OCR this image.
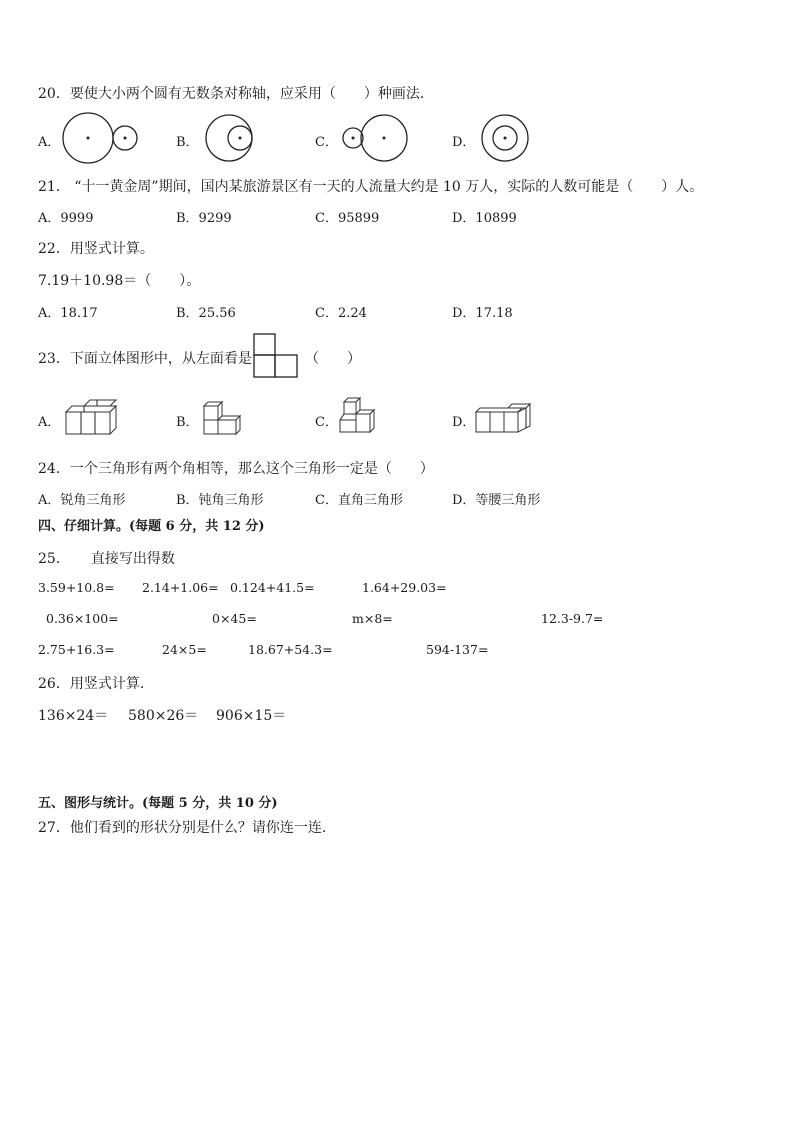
20．要使大小两个圆有无数条对称轴，应采用（　　）种画法．
A．	B．	C．	D．
21． “十一黄金周”期间，国内某旅游景区有一天的人流量大约是 10 万人，实际的人数可能是（　　）人。
A．9999	B．9299	C．95899	D．10899
22．用竖式计算。
7.19＋10.98＝（　　）。
A．18.17	B．25.56	C．2.24	D．17.18
23．下面立体图形中，从左面看是	（　　）
A．	B．	C．	D．
24．一个三角形有两个角相等，那么这个三角形一定是（　　）
A．锐角三角形	B．钝角三角形	C．直角三角形	D．等腰三角形
四、仔细计算。(每题 6 分，共 12 分)
25．　　直接写出得数
3.59+10.8= 2.14+1.06= 0.124+41.5=	1.64+29.03=
0.36×100=	0×45=	m×8=	12.3-9.7=
2.75+16.3=	24×5=	18.67+54.3=	594-137=
26．用竖式计算.
136×24＝ 580×26＝ 906×15＝
五、图形与统计。(每题 5 分，共 10 分)
27．他们看到的形状分别是什么？请你连一连.
